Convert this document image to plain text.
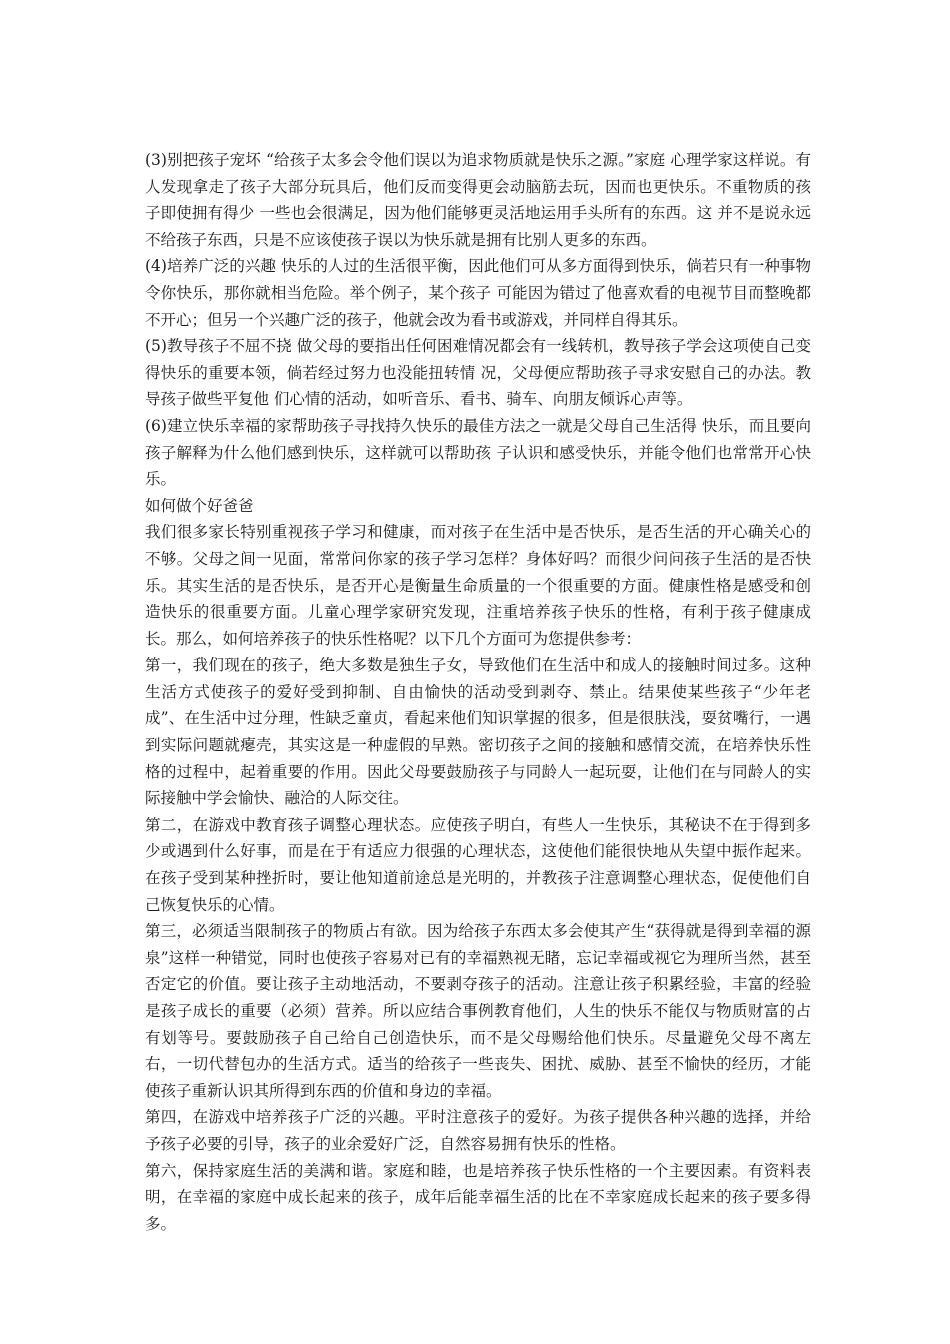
(3)别把孩子宠坏 “给孩子太多会令他们误以为追求物质就是快乐之源。”家庭 心理学家这样说。有人发现拿走了孩子大部分玩具后，他们反而变得更会动脑筋去玩，因而也更快乐。不重物质的孩子即使拥有得少 一些也会很满足，因为他们能够更灵活地运用手头所有的东西。这 并不是说永远不给孩子东西，只是不应该使孩子误以为快乐就是拥有比别人更多的东西。

(4)培养广泛的兴趣 快乐的人过的生活很平衡，因此他们可从多方面得到快乐，倘若只有一种事物令你快乐，那你就相当危险。举个例子，某个孩子 可能因为错过了他喜欢看的电视节目而整晚都不开心；但另一个兴趣广泛的孩子，他就会改为看书或游戏，并同样自得其乐。

(5)教导孩子不屈不挠 做父母的要指出任何困难情况都会有一线转机，教导孩子学会这项使自己变得快乐的重要本领，倘若经过努力也没能扭转情 况，父母便应帮助孩子寻求安慰自己的办法。教导孩子做些平复他 们心情的活动，如听音乐、看书、骑车、向朋友倾诉心声等。

(6)建立快乐幸福的家帮助孩子寻找持久快乐的最佳方法之一就是父母自己生活得 快乐，而且要向孩子解释为什么他们感到快乐，这样就可以帮助孩 子认识和感受快乐，并能令他们也常常开心快乐。

如何做个好爸爸

我们很多家长特别重视孩子学习和健康，而对孩子在生活中是否快乐，是否生活的开心确关心的不够。父母之间一见面，常常问你家的孩子学习怎样？身体好吗？而很少问问孩子生活的是否快乐。其实生活的是否快乐，是否开心是衡量生命质量的一个很重要的方面。健康性格是感受和创造快乐的很重要方面。儿童心理学家研究发现，注重培养孩子快乐的性格，有利于孩子健康成长。那么，如何培养孩子的快乐性格呢？以下几个方面可为您提供参考：

第一，我们现在的孩子，绝大多数是独生子女，导致他们在生活中和成人的接触时间过多。这种生活方式使孩子的爱好受到抑制、自由愉快的活动受到剥夺、禁止。结果使某些孩子“少年老成”、在生活中过分理，性缺乏童贞，看起来他们知识掌握的很多，但是很肤浅，耍贫嘴行，一遇到实际问题就瘪壳，其实这是一种虚假的早熟。密切孩子之间的接触和感情交流，在培养快乐性格的过程中，起着重要的作用。因此父母要鼓励孩子与同龄人一起玩耍，让他们在与同龄人的实际接触中学会愉快、融洽的人际交往。

第二，在游戏中教育孩子调整心理状态。应使孩子明白，有些人一生快乐，其秘诀不在于得到多少或遇到什么好事，而是在于有适应力很强的心理状态，这使他们能很快地从失望中振作起来。在孩子受到某种挫折时，要让他知道前途总是光明的，并教孩子注意调整心理状态，促使他们自己恢复快乐的心情。

第三，必须适当限制孩子的物质占有欲。因为给孩子东西太多会使其产生“获得就是得到幸福的源泉”这样一种错觉，同时也使孩子容易对已有的幸福熟视无睹，忘记幸福或视它为理所当然，甚至否定它的价值。要让孩子主动地活动，不要剥夺孩子的活动。注意让孩子积累经验，丰富的经验是孩子成长的重要（必须）营养。所以应结合事例教育他们，人生的快乐不能仅与物质财富的占有划等号。要鼓励孩子自己给自己创造快乐，而不是父母赐给他们快乐。尽量避免父母不离左右，一切代替包办的生活方式。适当的给孩子一些丧失、困扰、威胁、甚至不愉快的经历，才能使孩子重新认识其所得到东西的价值和身边的幸福。

第四，在游戏中培养孩子广泛的兴趣。平时注意孩子的爱好。为孩子提供各种兴趣的选择，并给予孩子必要的引导，孩子的业余爱好广泛，自然容易拥有快乐的性格。

第六，保持家庭生活的美满和谐。家庭和睦，也是培养孩子快乐性格的一个主要因素。有资料表明，在幸福的家庭中成长起来的孩子，成年后能幸福生活的比在不幸家庭成长起来的孩子要多得多。
